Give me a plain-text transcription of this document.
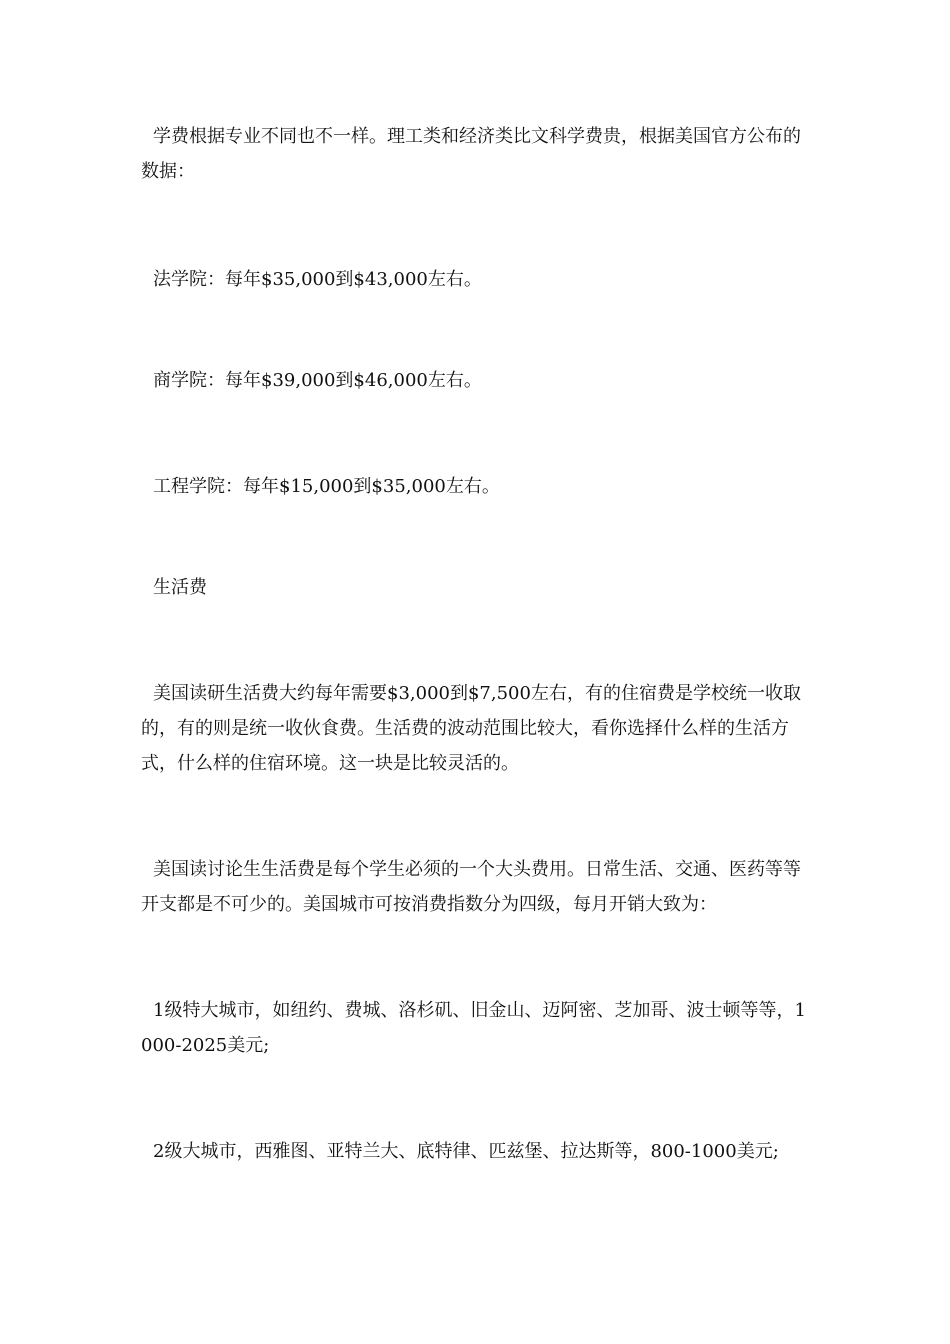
学费根据专业不同也不一样。理工类和经济类比文科学费贵，根据美国官方公布的数据：

法学院：每年$35,000到$43,000左右。

商学院：每年$39,000到$46,000左右。

工程学院：每年$15,000到$35,000左右。

生活费

美国读研生活费大约每年需要$3,000到$7,500左右，有的住宿费是学校统一收取的，有的则是统一收伙食费。生活费的波动范围比较大，看你选择什么样的生活方式，什么样的住宿环境。这一块是比较灵活的。

美国读讨论生生活费是每个学生必须的一个大头费用。日常生活、交通、医药等等开支都是不可少的。美国城市可按消费指数分为四级，每月开销大致为：

1级特大城市，如纽约、费城、洛杉矶、旧金山、迈阿密、芝加哥、波士顿等等，1000-2025美元;

2级大城市，西雅图、亚特兰大、底特律、匹兹堡、拉达斯等，800-1000美元;
